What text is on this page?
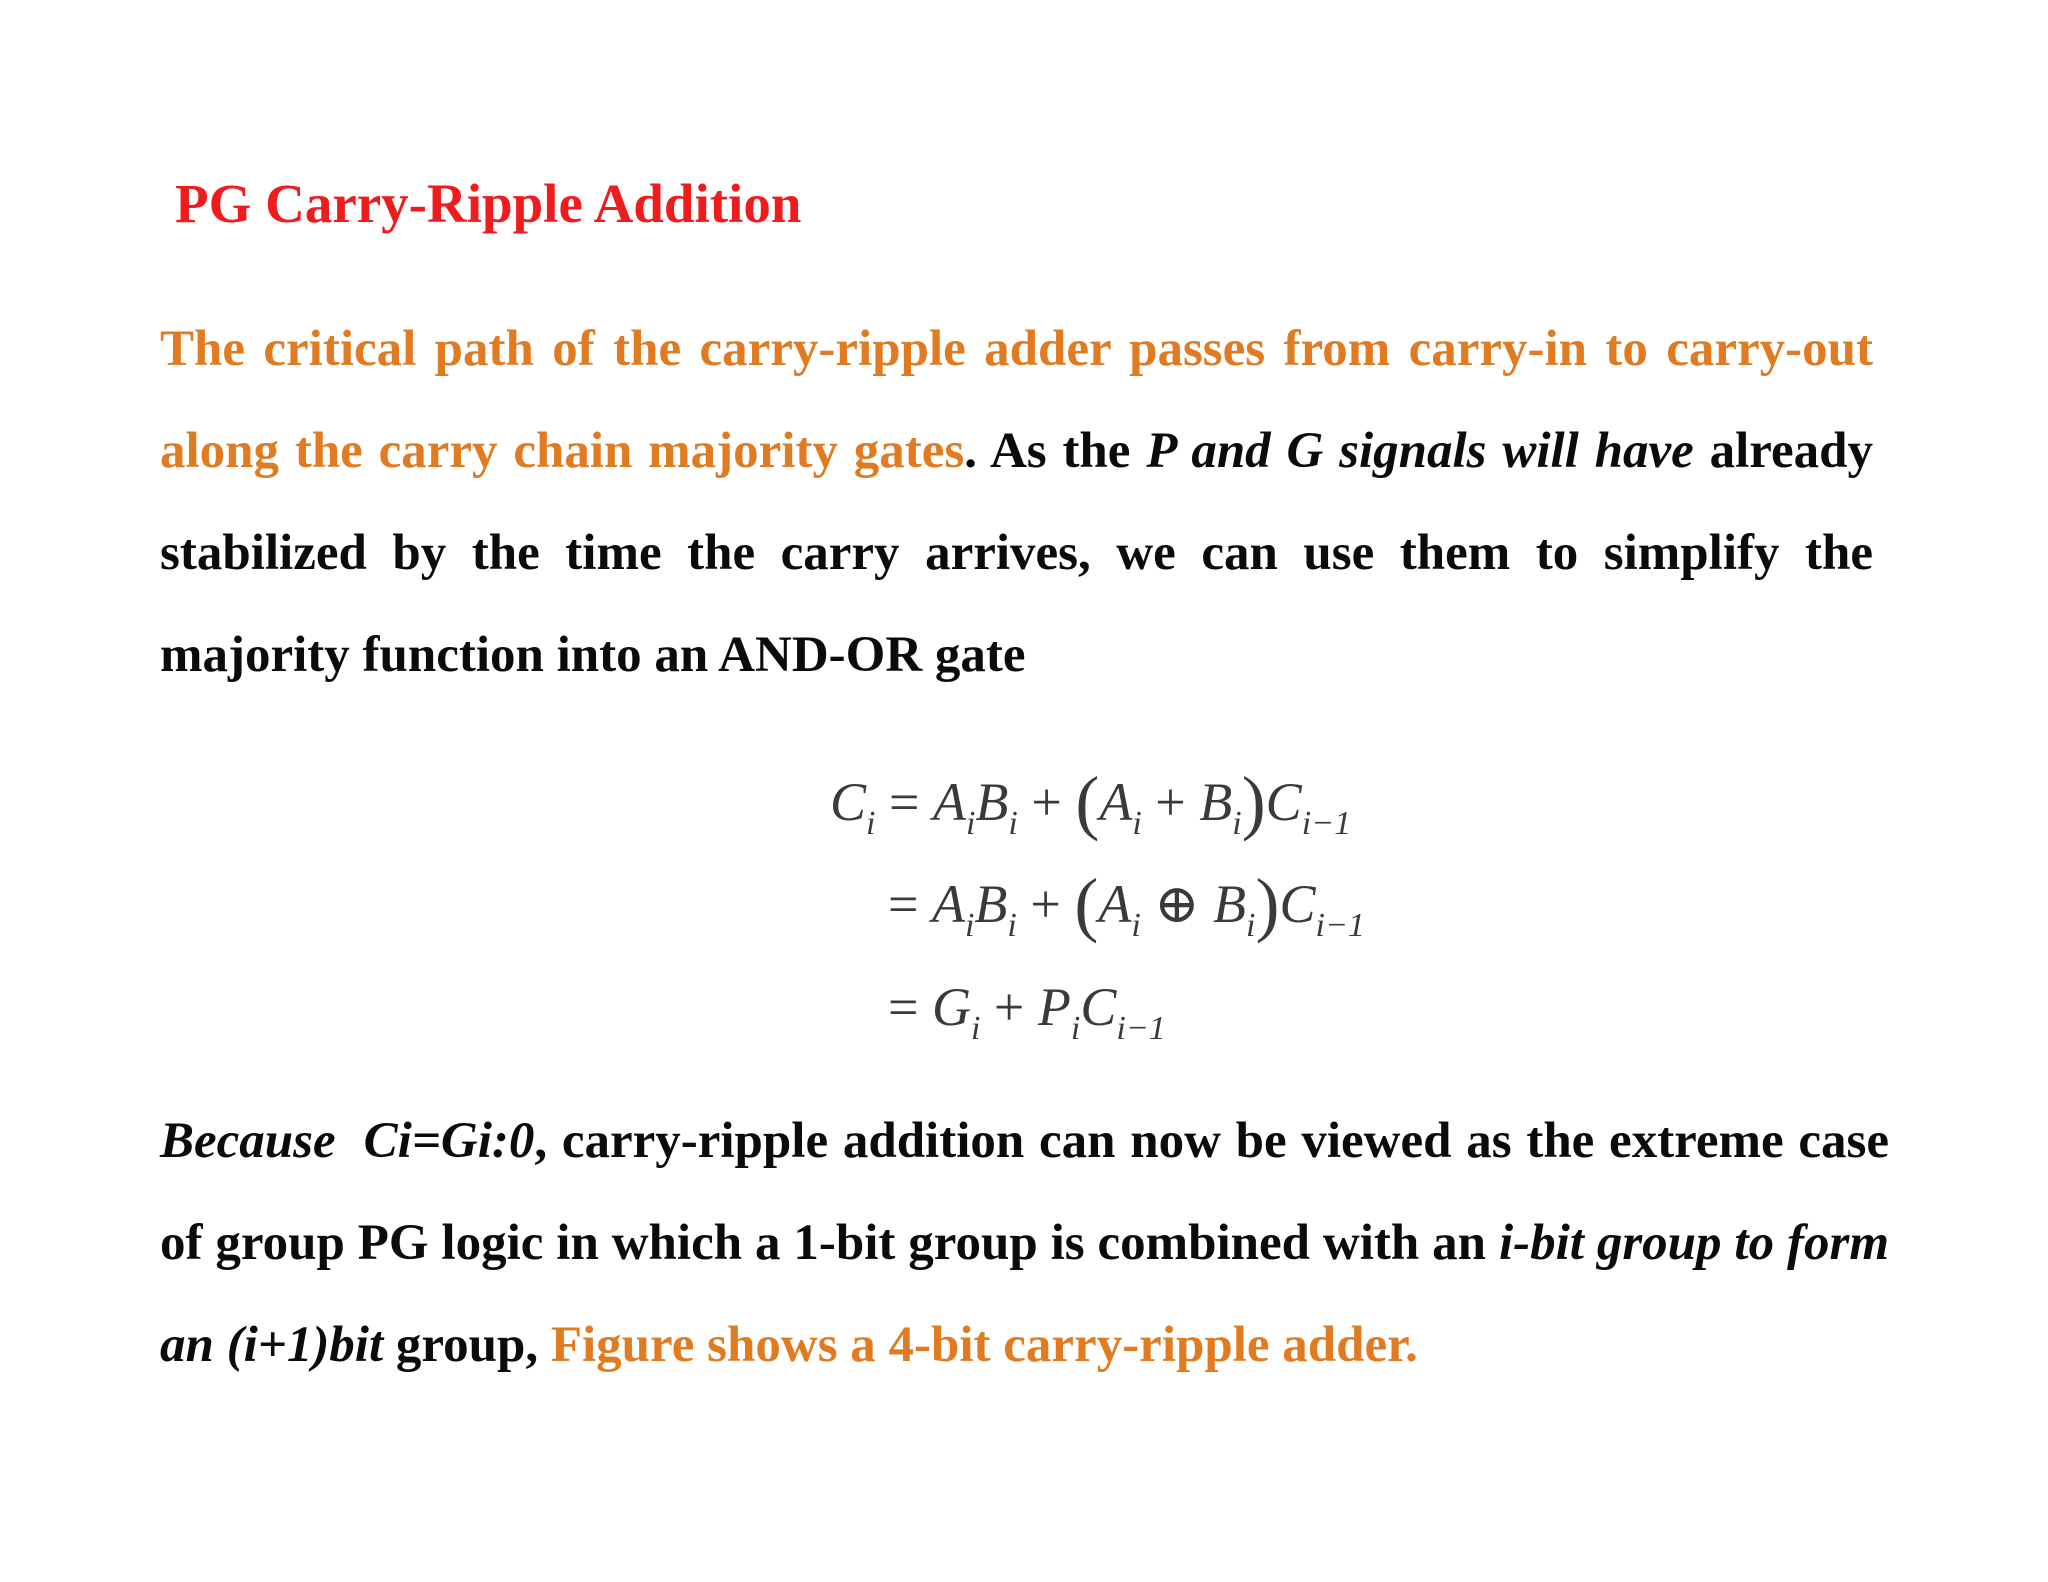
PG Carry-Ripple Addition

The critical path of the carry-ripple adder passes from carry-in to carry-out along the carry chain majority gates. As the P and G signals will have already stabilized by the time the carry arrives, we can use them to simplify the majority function into an AND-OR gate

$C_i = A_iB_i + (A_i + B_i)C_{i-1}$
= $A_iB_i + (A_i$ ⊕ $B_i)C_{i-1}$
= $G_i + P_iC_{i-1}$

Because Ci=Gi:0, carry-ripple addition can now be viewed as the extreme case of group PG logic in which a 1-bit group is combined with an i-bit group to form an (i+1)bit group, Figure shows a 4-bit carry-ripple adder.
